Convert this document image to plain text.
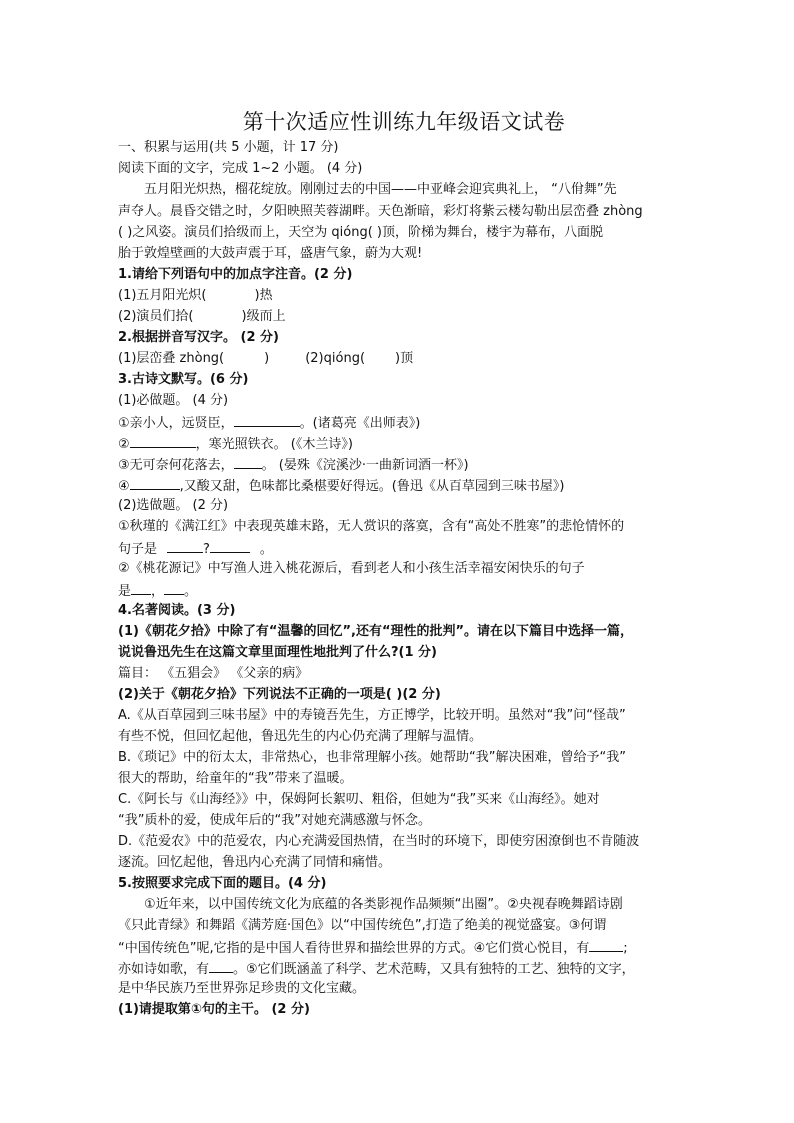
第十次适应性训练九年级语文试卷
一、积累与运用(共 5 小题，计 17 分)
阅读下面的文字，完成 1~2 小题。 (4 分)
五月阳光炽热，榴花绽放。刚刚过去的中国——中亚峰会迎宾典礼上， “八佾舞”先
声夺人。晨昏交错之时，夕阳映照芙蓉湖畔。天色渐暗，彩灯将紫云楼勾勒出层峦叠 zhòng
( )之风姿。演员们拾级而上，天空为 qióng( )顶，阶梯为舞台，楼宇为幕布，八面脱
胎于敦煌壁画的大鼓声震于耳，盛唐气象，蔚为大观!
1.请给下列语句中的加点字注音。(2 分)
(1)五月阳光炽(	)热
(2)演员们拾(	)级而上
2.根据拼音写汉字。 (2 分)
(1)层峦叠 zhòng(	)	(2)qióng( )顶
3.古诗文默写。(6 分)
(1)必做题。 (4 分)
①亲小人，远贤臣，	。(诸葛亮《出师表》)
②	，寒光照铁衣。 (《木兰诗》)
③无可奈何花落去， 。 (晏殊《浣溪沙·一曲新词酒一杯》)
④	,又酸又甜，色味都比桑椹要好得远。(鲁迅《从百草园到三味书屋》)
(2)选做题。 (2 分)
①秋瑾的《满江红》中表现英雄末路，无人赏识的落寞，含有“高处不胜寒”的悲怆情怀的
句子是	?	。
②《桃花源记》中写渔人进入桃花源后，看到老人和小孩生活幸福安闲快乐的句子
是 ， 。
4.名著阅读。(3 分)
(1)《朝花夕拾》中除了有“温馨的回忆”,还有“理性的批判”。请在以下篇目中选择一篇，
说说鲁迅先生在这篇文章里面理性地批判了什么?(1 分)
篇目： 《五猖会》 《父亲的病》
(2)关于《朝花夕拾》下列说法不正确的一项是( )(2 分)
A.《从百草园到三味书屋》中的寿镜吾先生，方正博学，比较开明。虽然对“我”问“怪哉”
有些不悦，但回忆起他，鲁迅先生的内心仍充满了理解与温情。
B.《琐记》中的衍太太，非常热心，也非常理解小孩。她帮助“我”解决困难，曾给予“我”
很大的帮助，给童年的“我”带来了温暖。
C.《阿长与《山海经》》中，保姆阿长絮叨、粗俗，但她为“我”买来《山海经》。她对
“我”质朴的爱，使成年后的“我”对她充满感激与怀念。
D.《范爱农》中的范爱农，内心充满爱国热情，在当时的环境下，即使穷困潦倒也不肯随波
逐流。回忆起他，鲁迅内心充满了同情和痛惜。
5.按照要求完成下面的题目。(4 分)
①近年来，以中国传统文化为底蕴的各类影视作品频频“出圈”。②央视春晚舞蹈诗剧
《只此青绿》和舞蹈《满芳庭·国色》以“中国传统色”,打造了绝美的视觉盛宴。③何谓
“中国传统色”呢,它指的是中国人看待世界和描绘世界的方式。④它们赏心悦目，有	;
亦如诗如歌，有 。⑤它们既涵盖了科学、艺术范畴，又具有独特的工艺、独特的文字，
是中华民族乃至世界弥足珍贵的文化宝藏。
(1)请提取第①句的主干。 (2 分)
